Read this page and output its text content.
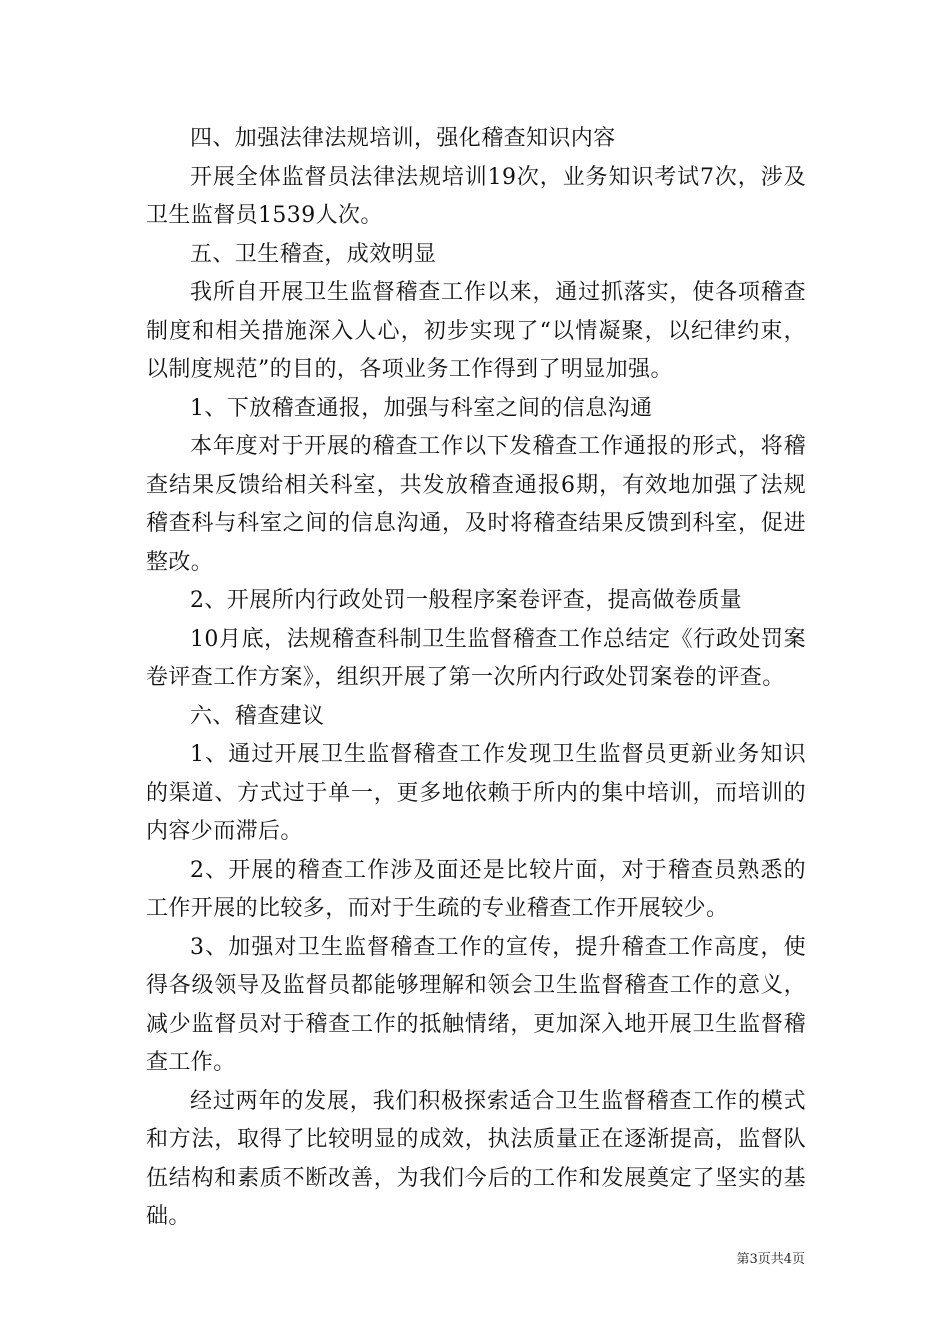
四、加强法律法规培训，强化稽查知识内容

开展全体监督员法律法规培训19次，业务知识考试7次，涉及卫生监督员1539人次。

五、卫生稽查，成效明显

我所自开展卫生监督稽查工作以来，通过抓落实，使各项稽查制度和相关措施深入人心，初步实现了“以情凝聚，以纪律约束，以制度规范”的目的，各项业务工作得到了明显加强。

1、下放稽查通报，加强与科室之间的信息沟通

本年度对于开展的稽查工作以下发稽查工作通报的形式，将稽查结果反馈给相关科室，共发放稽查通报6期，有效地加强了法规稽查科与科室之间的信息沟通，及时将稽查结果反馈到科室，促进整改。

2、开展所内行政处罚一般程序案卷评查，提高做卷质量

10月底，法规稽查科制卫生监督稽查工作总结定《行政处罚案卷评查工作方案》，组织开展了第一次所内行政处罚案卷的评查。

六、稽查建议

1、通过开展卫生监督稽查工作发现卫生监督员更新业务知识的渠道、方式过于单一，更多地依赖于所内的集中培训，而培训的内容少而滞后。

2、开展的稽查工作涉及面还是比较片面，对于稽查员熟悉的工作开展的比较多，而对于生疏的专业稽查工作开展较少。

3、加强对卫生监督稽查工作的宣传，提升稽查工作高度，使得各级领导及监督员都能够理解和领会卫生监督稽查工作的意义，减少监督员对于稽查工作的抵触情绪，更加深入地开展卫生监督稽查工作。

经过两年的发展，我们积极探索适合卫生监督稽查工作的模式和方法，取得了比较明显的成效，执法质量正在逐渐提高，监督队伍结构和素质不断改善，为我们今后的工作和发展奠定了坚实的基础。

第3页共4页
